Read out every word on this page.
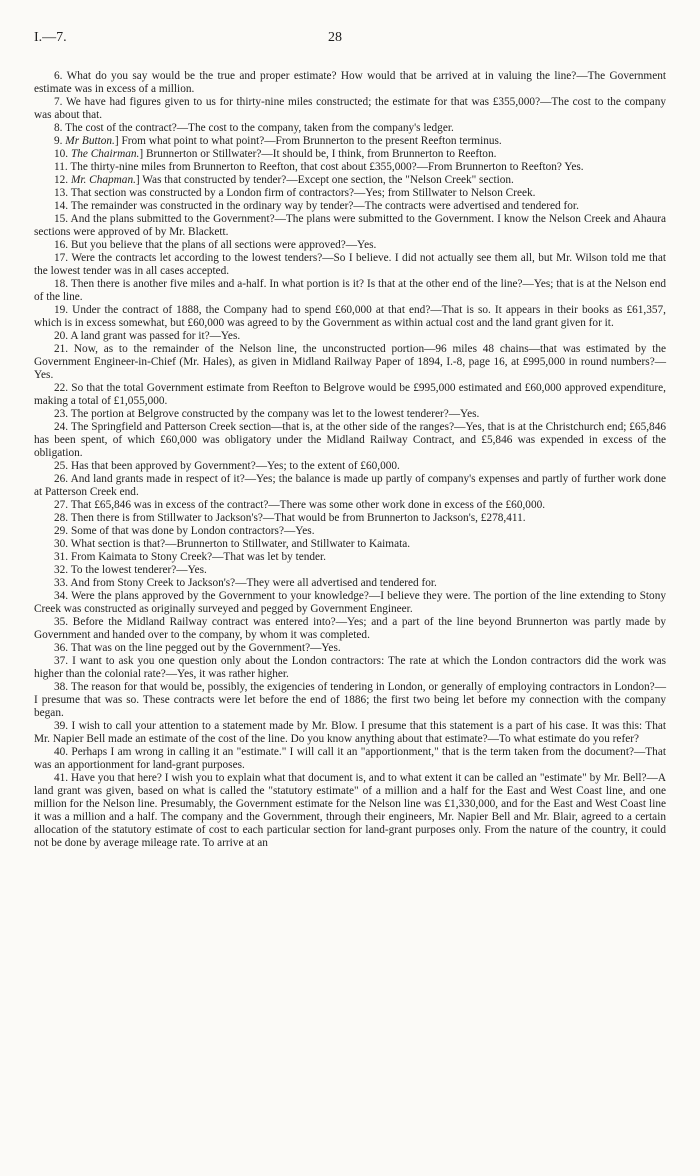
I.—7.	28

6. What do you say would be the true and proper estimate? How would that be arrived at in valuing the line?—The Government estimate was in excess of a million.

7. We have had figures given to us for thirty-nine miles constructed; the estimate for that was £355,000?—The cost to the company was about that.

8. The cost of the contract?—The cost to the company, taken from the company's ledger.

9. Mr Button.] From what point to what point?—From Brunnerton to the present Reefton terminus.

10. The Chairman.] Brunnerton or Stillwater?—It should be, I think, from Brunnerton to Reefton.

11. The thirty-nine miles from Brunnerton to Reefton, that cost about £355,000?—From Brunnerton to Reefton? Yes.

12. Mr. Chapman.] Was that constructed by tender?—Except one section, the "Nelson Creek" section.

13. That section was constructed by a London firm of contractors?—Yes; from Stillwater to Nelson Creek.

14. The remainder was constructed in the ordinary way by tender?—The contracts were advertised and tendered for.

15. And the plans submitted to the Government?—The plans were submitted to the Government. I know the Nelson Creek and Ahaura sections were approved of by Mr. Blackett.

16. But you believe that the plans of all sections were approved?—Yes.

17. Were the contracts let according to the lowest tenders?—So I believe. I did not actually see them all, but Mr. Wilson told me that the lowest tender was in all cases accepted.

18. Then there is another five miles and a-half. In what portion is it? Is that at the other end of the line?—Yes; that is at the Nelson end of the line.

19. Under the contract of 1888, the Company had to spend £60,000 at that end?—That is so. It appears in their books as £61,357, which is in excess somewhat, but £60,000 was agreed to by the Government as within actual cost and the land grant given for it.

20. A land grant was passed for it?—Yes.

21. Now, as to the remainder of the Nelson line, the unconstructed portion—96 miles 48 chains—that was estimated by the Government Engineer-in-Chief (Mr. Hales), as given in Midland Railway Paper of 1894, I.-8, page 16, at £995,000 in round numbers?—Yes.

22. So that the total Government estimate from Reefton to Belgrove would be £995,000 estimated and £60,000 approved expenditure, making a total of £1,055,000.

23. The portion at Belgrove constructed by the company was let to the lowest tenderer?—Yes.

24. The Springfield and Patterson Creek section—that is, at the other side of the ranges?—Yes, that is at the Christchurch end; £65,846 has been spent, of which £60,000 was obligatory under the Midland Railway Contract, and £5,846 was expended in excess of the obligation.

25. Has that been approved by Government?—Yes; to the extent of £60,000.

26. And land grants made in respect of it?—Yes; the balance is made up partly of company's expenses and partly of further work done at Patterson Creek end.

27. That £65,846 was in excess of the contract?—There was some other work done in excess of the £60,000.

28. Then there is from Stillwater to Jackson's?—That would be from Brunnerton to Jackson's, £278,411.

29. Some of that was done by London contractors?—Yes.

30. What section is that?—Brunnerton to Stillwater, and Stillwater to Kaimata.

31. From Kaimata to Stony Creek?—That was let by tender.

32. To the lowest tenderer?—Yes.

33. And from Stony Creek to Jackson's?—They were all advertised and tendered for.

34. Were the plans approved by the Government to your knowledge?—I believe they were. The portion of the line extending to Stony Creek was constructed as originally surveyed and pegged by Government Engineer.

35. Before the Midland Railway contract was entered into?—Yes; and a part of the line beyond Brunnerton was partly made by Government and handed over to the company, by whom it was completed.

36. That was on the line pegged out by the Government?—Yes.

37. I want to ask you one question only about the London contractors: The rate at which the London contractors did the work was higher than the colonial rate?—Yes, it was rather higher.

38. The reason for that would be, possibly, the exigencies of tendering in London, or generally of employing contractors in London?—I presume that was so. These contracts were let before the end of 1886; the first two being let before my connection with the company began.

39. I wish to call your attention to a statement made by Mr. Blow. I presume that this statement is a part of his case. It was this: That Mr. Napier Bell made an estimate of the cost of the line. Do you know anything about that estimate?—To what estimate do you refer?

40. Perhaps I am wrong in calling it an "estimate." I will call it an "apportionment," that is the term taken from the document?—That was an apportionment for land-grant purposes.

41. Have you that here? I wish you to explain what that document is, and to what extent it can be called an "estimate" by Mr. Bell?—A land grant was given, based on what is called the "statutory estimate" of a million and a half for the East and West Coast line, and one million for the Nelson line. Presumably, the Government estimate for the Nelson line was £1,330,000, and for the East and West Coast line it was a million and a half. The company and the Government, through their engineers, Mr. Napier Bell and Mr. Blair, agreed to a certain allocation of the statutory estimate of cost to each particular section for land-grant purposes only. From the nature of the country, it could not be done by average mileage rate. To arrive at an
